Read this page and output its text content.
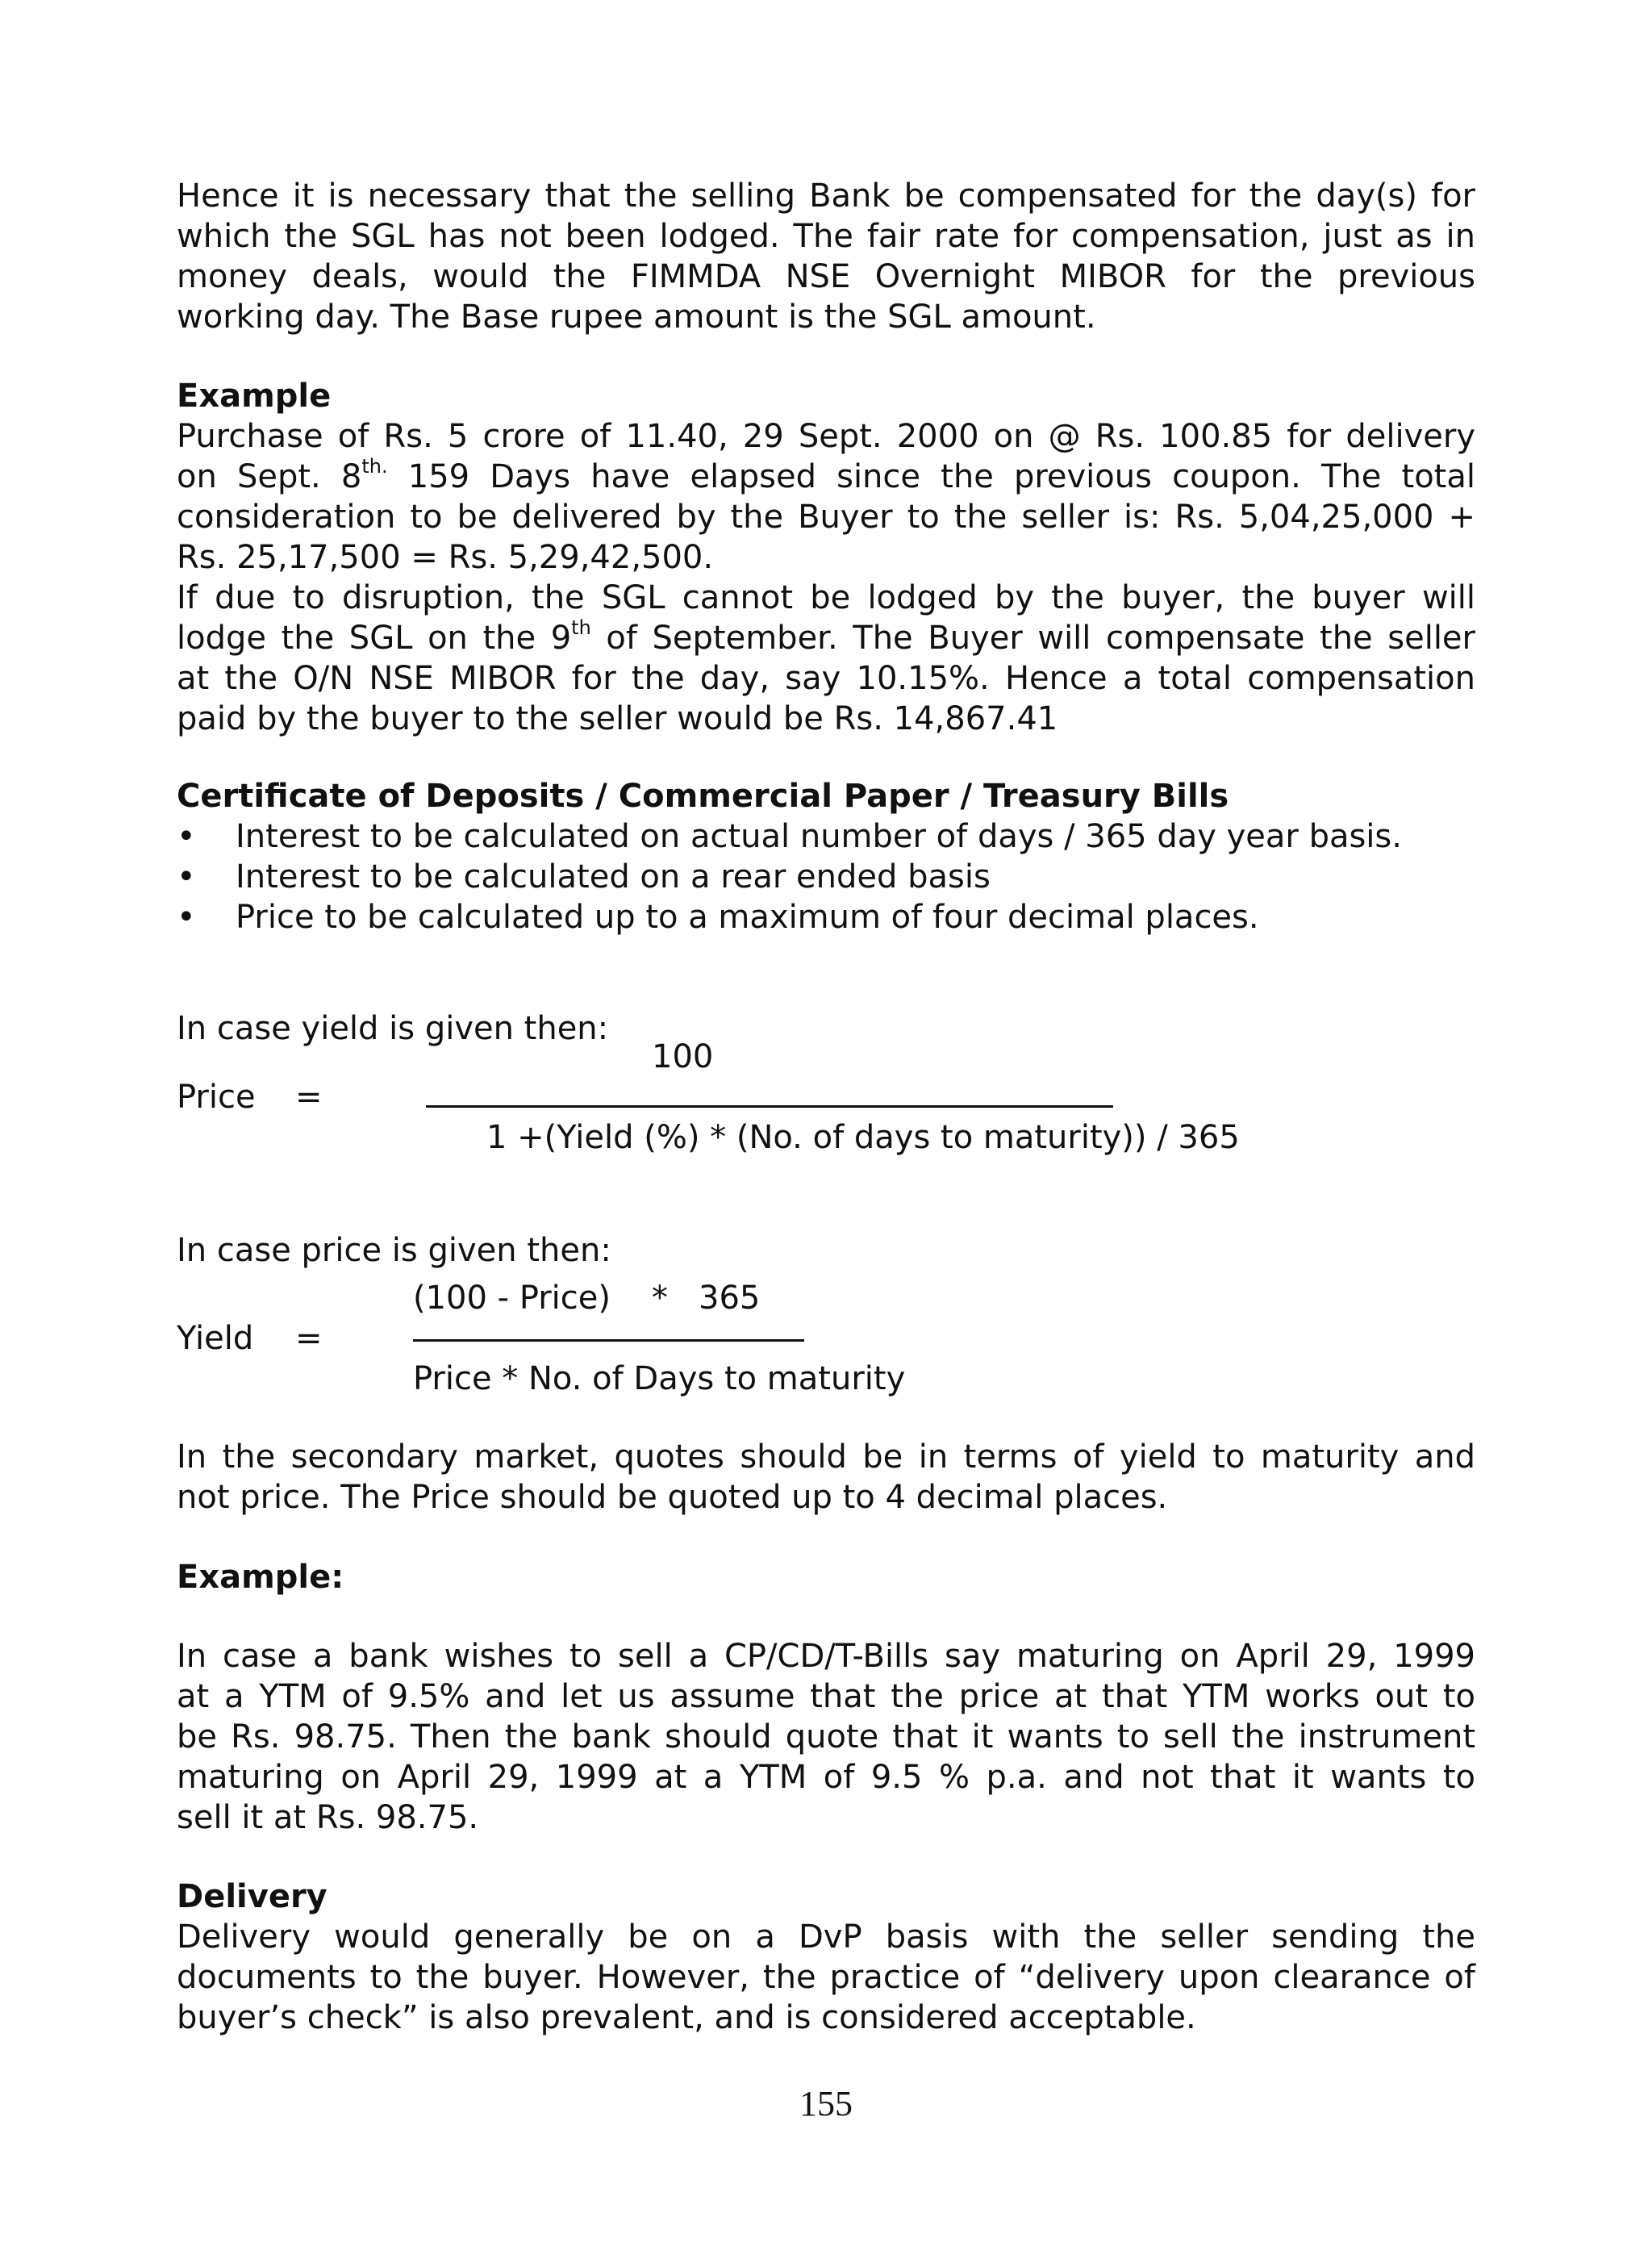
Hence it is necessary that the selling Bank be compensated for the day(s) for
which the SGL has not been lodged. The fair rate for compensation, just as in
money deals, would the FIMMDA NSE Overnight MIBOR for the previous
working day. The Base rupee amount is the SGL amount.

Example

Purchase of Rs. 5 crore of 11.40, 29 Sept. 2000 on @ Rs. 100.85 for delivery
on Sept. $8^{th.}$ 159 Days have elapsed since the previous coupon. The total
consideration to be delivered by the Buyer to the seller is: Rs. 5,04,25,000 +
Rs. 25,17,500 = Rs. 5,29,42,500.
If due to disruption, the SGL cannot be lodged by the buyer, the buyer will
lodge the SGL on the 9th of September. The Buyer will compensate the seller
at the O/N NSE MIBOR for the day, say 10.15%. Hence a total compensation
paid by the buyer to the seller would be Rs. 14,867.41

Certificate of Deposits / Commercial Paper / Treasury Bills

• Interest to be calculated on actual number of days / 365 day year basis.
• Interest to be calculated on a rear ended basis
• Price to be calculated up to a maximum of four decimal places.

In case yield is given then:

100
Price =
1 +(Yield (%) * (No. of days to maturity)) / 365

In case price is given then:

(100 - Price)    *   365
Yield =
Price * No. of Days to maturity

In the secondary market, quotes should be in terms of yield to maturity and
not price. The Price should be quoted up to 4 decimal places.

Example:

In case a bank wishes to sell a CP/CD/T-Bills say maturing on April 29, 1999
at a YTM of 9.5% and let us assume that the price at that YTM works out to
be Rs. 98.75. Then the bank should quote that it wants to sell the instrument
maturing on April 29, 1999 at a YTM of 9.5 % p.a. and not that it wants to
sell it at Rs. 98.75.

Delivery

Delivery would generally be on a DvP basis with the seller sending the
documents to the buyer. However, the practice of “delivery upon clearance of
buyer’s check” is also prevalent, and is considered acceptable.

155
